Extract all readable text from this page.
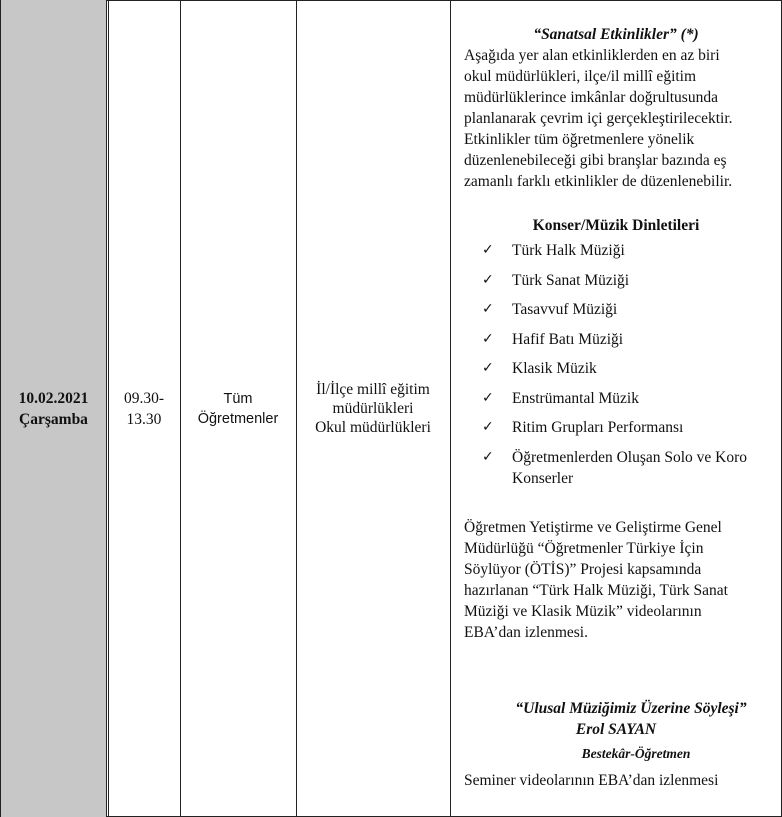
10.02.2021
Çarşamba
09.30-
13.30
Tüm
Öğretmenler
İl/İlçe millî eğitim
müdürlükleri
Okul müdürlükleri
“Sanatsal Etkinlikler” (*)
Aşağıda yer alan etkinliklerden en az biri
okul müdürlükleri, ilçe/il millî eğitim
müdürlüklerince imkânlar doğrultusunda
planlanarak çevrim içi gerçekleştirilecektir.
Etkinlikler tüm öğretmenlere yönelik
düzenlenebileceği gibi branşlar bazında eş
zamanlı farklı etkinlikler de düzenlenebilir.
Konser/Müzik Dinletileri
✓ Türk Halk Müziği
✓ Türk Sanat Müziği
✓ Tasavvuf Müziği
✓ Hafif Batı Müziği
✓ Klasik Müzik
✓ Enstrümantal Müzik
✓ Ritim Grupları Performansı
✓ Öğretmenlerden Oluşan Solo ve Koro
Konserler
Öğretmen Yetiştirme ve Geliştirme Genel
Müdürlüğü “Öğretmenler Türkiye İçin
Söylüyor (ÖTİS)” Projesi kapsamında
hazırlanan “Türk Halk Müziği, Türk Sanat
Müziği ve Klasik Müzik” videolarının
EBA’dan izlenmesi.
“Ulusal Müziğimiz Üzerine Söyleşi”
Erol SAYAN
Bestekâr-Öğretmen
Seminer videolarının EBA’dan izlenmesi
